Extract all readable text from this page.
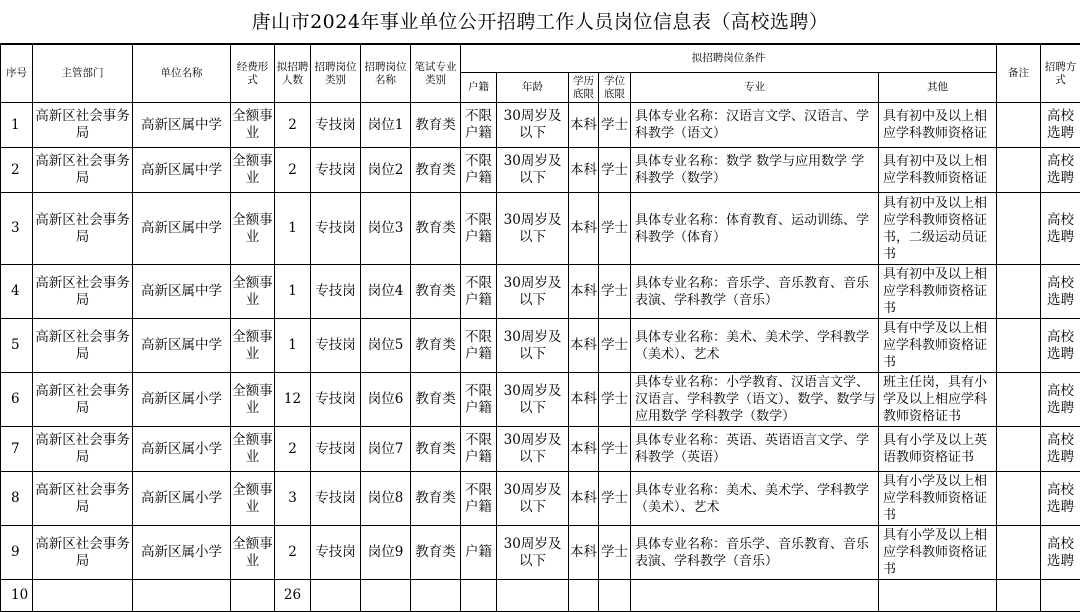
唐山市2024年事业单位公开招聘工作人员岗位信息表（高校选聘）
序号	主管部门	单位名称	经费形式	拟招聘人数	招聘岗位类别	招聘岗位名称	笔试专业类别	拟招聘岗位条件						备注	招聘方式
								户籍	年龄	学历底限	学位底限	专业	其他		
1	高新区社会事务局	高新区属中学	全额事业	2	专技岗	岗位1	教育类	不限户籍	30周岁及以下	本科	学士	具体专业名称：汉语言文学、汉语言、学科教学（语文）	具有初中及以上相应学科教师资格证		高校选聘
2	高新区社会事务局	高新区属中学	全额事业	2	专技岗	岗位2	教育类	不限户籍	30周岁及以下	本科	学士	具体专业名称：数学 数学与应用数学 学科教学（数学）	具有初中及以上相应学科教师资格证		高校选聘
3	高新区社会事务局	高新区属中学	全额事业	1	专技岗	岗位3	教育类	不限户籍	30周岁及以下	本科	学士	具体专业名称：体育教育、运动训练、学科教学（体育）	具有初中及以上相应学科教师资格证书，二级运动员证书		高校选聘
4	高新区社会事务局	高新区属中学	全额事业	1	专技岗	岗位4	教育类	不限户籍	30周岁及以下	本科	学士	具体专业名称：音乐学、音乐教育、音乐表演、学科教学（音乐）	具有初中及以上相应学科教师资格证书		高校选聘
5	高新区社会事务局	高新区属中学	全额事业	1	专技岗	岗位5	教育类	不限户籍	30周岁及以下	本科	学士	具体专业名称：美术、美术学、学科教学（美术）、艺术	具有中学及以上相应学科教师资格证书		高校选聘
6	高新区社会事务局	高新区属小学	全额事业	12	专技岗	岗位6	教育类	不限户籍	30周岁及以下	本科	学士	具体专业名称：小学教育、汉语言文学、汉语言、学科教学（语文）、数学、数学与应用数学 学科教学（数学）	班主任岗，具有小学及以上相应学科教师资格证书		高校选聘
7	高新区社会事务局	高新区属小学	全额事业	2	专技岗	岗位7	教育类	不限户籍	30周岁及以下	本科	学士	具体专业名称：英语、英语语言文学、学科教学（英语）	具有小学及以上英语教师资格证书		高校选聘
8	高新区社会事务局	高新区属小学	全额事业	3	专技岗	岗位8	教育类	不限户籍	30周岁及以下	本科	学士	具体专业名称：美术、美术学、学科教学（美术）、艺术	具有小学及以上相应学科教师资格证书		高校选聘
9	高新区社会事务局	高新区属小学	全额事业	2	专技岗	岗位9	教育类	户籍	30周岁及以下	本科	学士	具体专业名称：音乐学、音乐教育、音乐表演、学科教学（音乐）	具有小学及以上相应学科教师资格证书		高校选聘
10				26											
